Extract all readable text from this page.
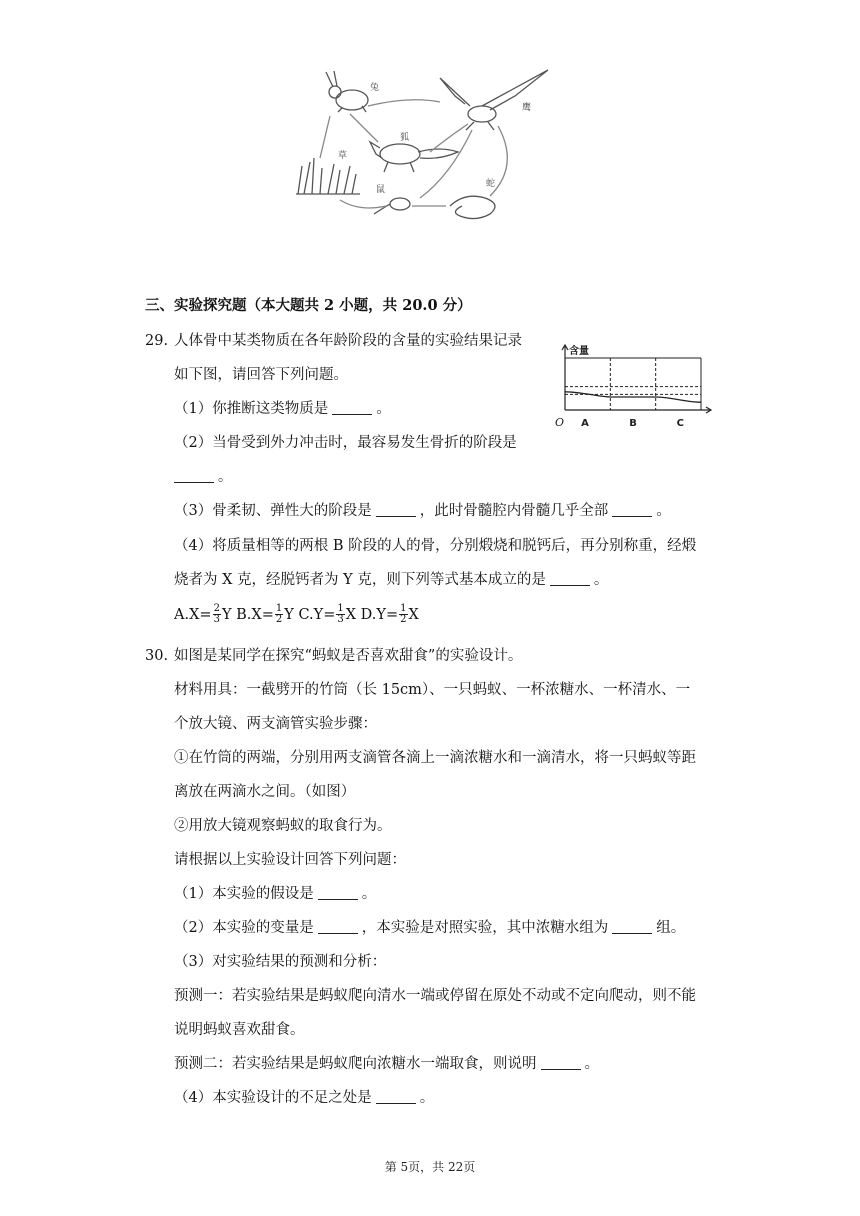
兔
鹰
狐
草
鼠
蛇
三、实验探究题（本大题共 2 小题，共 20.0 分）
29. 人体骨中某类物质在各年龄阶段的含量的实验结果记录
如下图，请回答下列问题。
（1）你推断这类物质是	。
（2）当骨受到外力冲击时，最容易发生骨折的阶段是
。
（3）骨柔韧、弹性大的阶段是	，此时骨髓腔内骨髓几乎全部	。
（4）将质量相等的两根 B 阶段的人的骨，分别煅烧和脱钙后，再分别称重，经煅
烧者为 X 克，经脱钙者为 Y 克，则下列等式基本成立的是	。
$A.X= \frac{2}{3}$ Y $B.X= \frac{1}{2}$ Y $C.Y= \frac{1}{3}$ X $D.Y= \frac{1}{2}$ X
含量
O A	B	C
30. 如图是某同学在探究“蚂蚁是否喜欢甜食”的实验设计。
材料用具：一截劈开的竹筒（长 15cm）、一只蚂蚁、一杯浓糖水、一杯清水、一
个放大镜、两支滴管实验步骤：
①在竹筒的两端，分别用两支滴管各滴上一滴浓糖水和一滴清水，将一只蚂蚁等距
离放在两滴水之间。（如图）
②用放大镜观察蚂蚁的取食行为。
请根据以上实验设计回答下列问题：
（1）本实验的假设是	。
（2）本实验的变量是	，本实验是对照实验，其中浓糖水组为	组。
（3）对实验结果的预测和分析：
预测一：若实验结果是蚂蚁爬向清水一端或停留在原处不动或不定向爬动，则不能
说明蚂蚁喜欢甜食。
预测二：若实验结果是蚂蚁爬向浓糖水一端取食，则说明	。
（4）本实验设计的不足之处是	。
第 5页，共 22页
